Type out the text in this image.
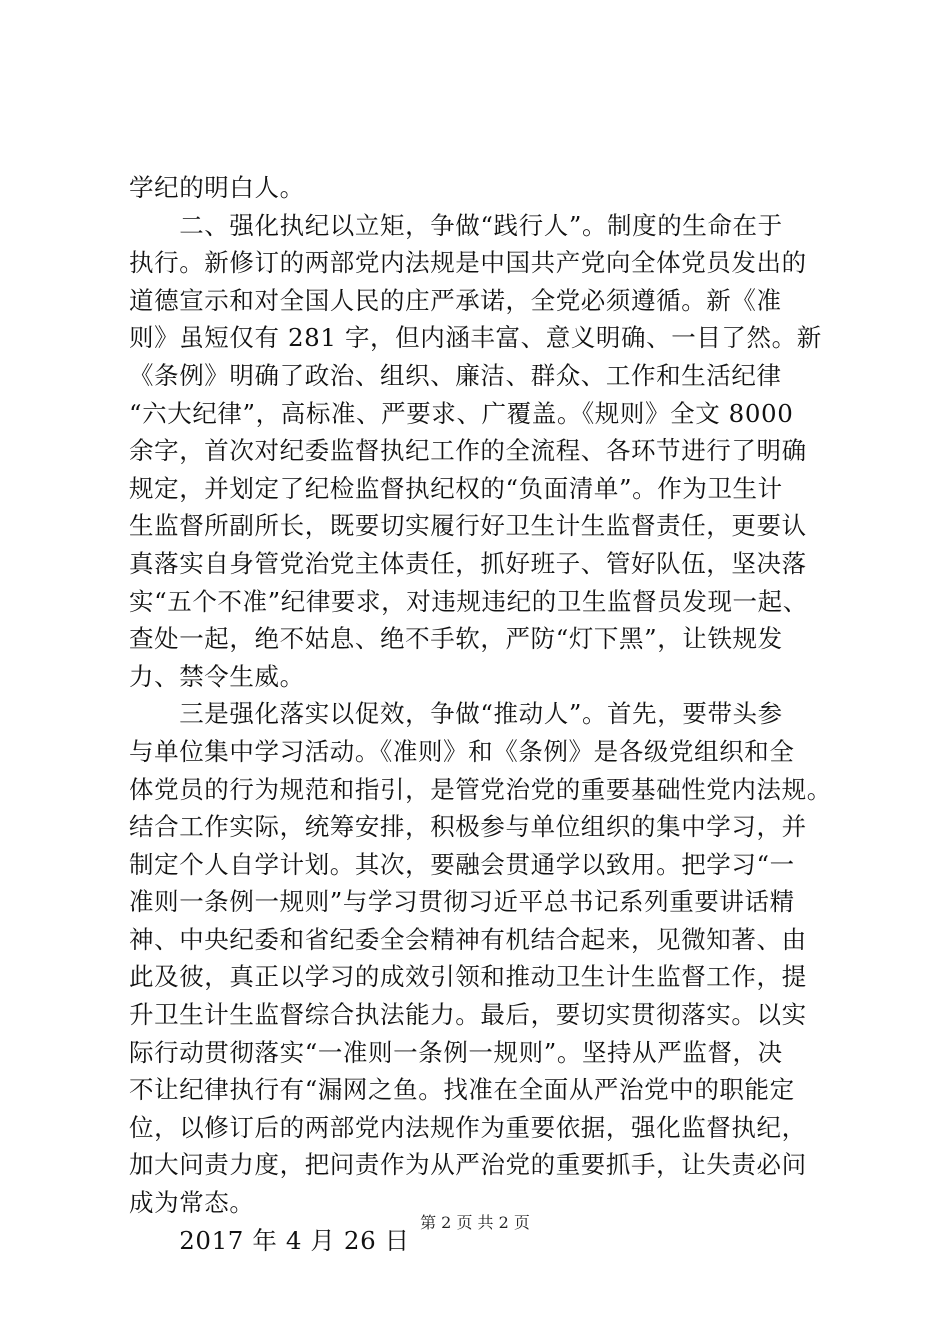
学纪的明白人。
　　二、强化执纪以立矩，争做“践行人”。制度的生命在于
执行。新修订的两部党内法规是中国共产党向全体党员发出的
道德宣示和对全国人民的庄严承诺，全党必须遵循。新《准
则》虽短仅有 281 字，但内涵丰富、意义明确、一目了然。新
《条例》明确了政治、组织、廉洁、群众、工作和生活纪律
“六大纪律”，高标准、严要求、广覆盖。《规则》全文 8000
余字，首次对纪委监督执纪工作的全流程、各环节进行了明确
规定，并划定了纪检监督执纪权的“负面清单”。作为卫生计
生监督所副所长，既要切实履行好卫生计生监督责任，更要认
真落实自身管党治党主体责任，抓好班子、管好队伍，坚决落
实“五个不准”纪律要求，对违规违纪的卫生监督员发现一起、
查处一起，绝不姑息、绝不手软，严防“灯下黑”，让铁规发
力、禁令生威。
　　三是强化落实以促效，争做“推动人”。首先，要带头参
与单位集中学习活动。《准则》和《条例》是各级党组织和全
体党员的行为规范和指引，是管党治党的重要基础性党内法规。
结合工作实际，统筹安排，积极参与单位组织的集中学习，并
制定个人自学计划。其次，要融会贯通学以致用。把学习“一
准则一条例一规则”与学习贯彻习近平总书记系列重要讲话精
神、中央纪委和省纪委全会精神有机结合起来，见微知著、由
此及彼，真正以学习的成效引领和推动卫生计生监督工作，提
升卫生计生监督综合执法能力。最后，要切实贯彻落实。以实
际行动贯彻落实“一准则一条例一规则”。坚持从严监督，决
不让纪律执行有“漏网之鱼。找准在全面从严治党中的职能定
位，以修订后的两部党内法规作为重要依据，强化监督执纪，
加大问责力度，把问责作为从严治党的重要抓手，让失责必问
成为常态。
　　2017 年 4 月 26 日
第 2 页 共 2 页
